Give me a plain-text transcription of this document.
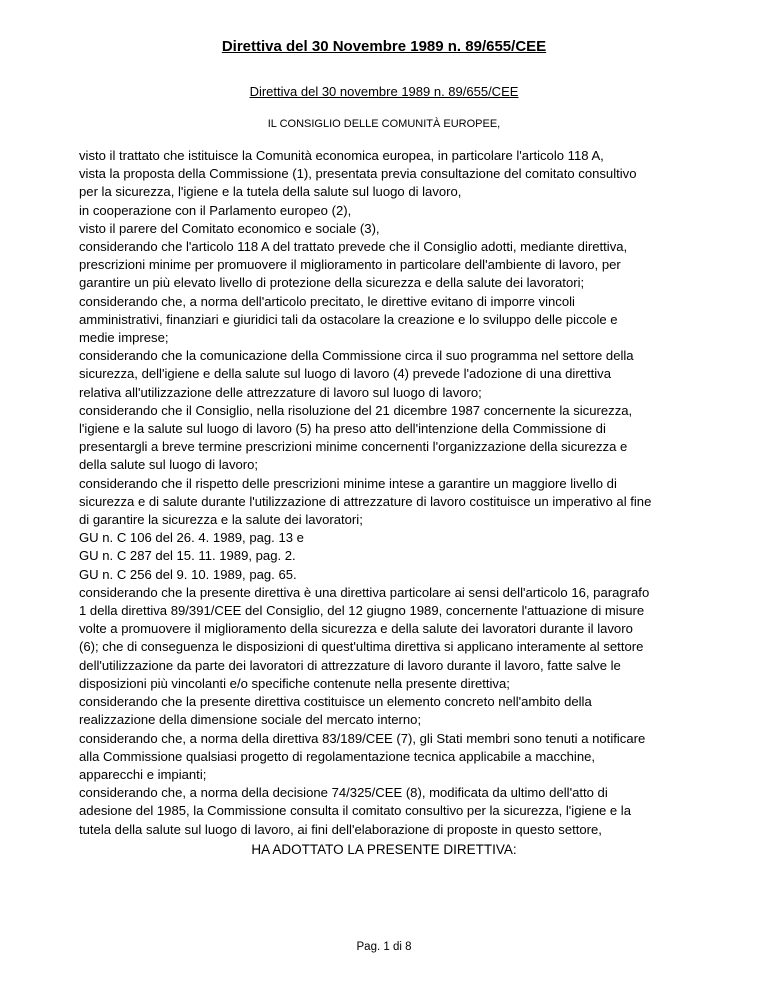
Direttiva del 30 Novembre 1989 n. 89/655/CEE

Direttiva del 30 novembre 1989 n. 89/655/CEE

IL CONSIGLIO DELLE COMUNITÀ EUROPEE,

visto il trattato che istituisce la Comunità economica europea, in particolare l'articolo 118 A,
vista la proposta della Commissione (1), presentata previa consultazione del comitato consultivo
per la sicurezza, l'igiene e la tutela della salute sul luogo di lavoro,
in cooperazione con il Parlamento europeo (2),
visto il parere del Comitato economico e sociale (3),
considerando che l'articolo 118 A del trattato prevede che il Consiglio adotti, mediante direttiva,
prescrizioni minime per promuovere il miglioramento in particolare dell'ambiente di lavoro, per
garantire un più elevato livello di protezione della sicurezza e della salute dei lavoratori;
considerando che, a norma dell'articolo precitato, le direttive evitano di imporre vincoli
amministrativi, finanziari e giuridici tali da ostacolare la creazione e lo sviluppo delle piccole e
medie imprese;
considerando che la comunicazione della Commissione circa il suo programma nel settore della
sicurezza, dell'igiene e della salute sul luogo di lavoro (4) prevede l'adozione di una direttiva
relativa all'utilizzazione delle attrezzature di lavoro sul luogo di lavoro;
considerando che il Consiglio, nella risoluzione del 21 dicembre 1987 concernente la sicurezza,
l'igiene e la salute sul luogo di lavoro (5) ha preso atto dell'intenzione della Commissione di
presentargli a breve termine prescrizioni minime concernenti l'organizzazione della sicurezza e
della salute sul luogo di lavoro;
considerando che il rispetto delle prescrizioni minime intese a garantire un maggiore livello di
sicurezza e di salute durante l'utilizzazione di attrezzature di lavoro costituisce un imperativo al fine
di garantire la sicurezza e la salute dei lavoratori;
GU n. C 106 del 26. 4. 1989, pag. 13 e
GU n. C 287 del 15. 11. 1989, pag. 2.
GU n. C 256 del 9. 10. 1989, pag. 65.
considerando che la presente direttiva è una direttiva particolare ai sensi dell'articolo 16, paragrafo
1 della direttiva 89/391/CEE del Consiglio, del 12 giugno 1989, concernente l'attuazione di misure
volte a promuovere il miglioramento della sicurezza e della salute dei lavoratori durante il lavoro
(6); che di conseguenza le disposizioni di quest'ultima direttiva si applicano interamente al settore
dell'utilizzazione da parte dei lavoratori di attrezzature di lavoro durante il lavoro, fatte salve le
disposizioni più vincolanti e/o specifiche contenute nella presente direttiva;
considerando che la presente direttiva costituisce un elemento concreto nell'ambito della
realizzazione della dimensione sociale del mercato interno;
considerando che, a norma della direttiva 83/189/CEE (7), gli Stati membri sono tenuti a notificare
alla Commissione qualsiasi progetto di regolamentazione tecnica applicabile a macchine,
apparecchi e impianti;
considerando che, a norma della decisione 74/325/CEE (8), modificata da ultimo dell'atto di
adesione del 1985, la Commissione consulta il comitato consultivo per la sicurezza, l'igiene e la
tutela della salute sul luogo di lavoro, ai fini dell'elaborazione di proposte in questo settore,

HA ADOTTATO LA PRESENTE DIRETTIVA:

Pag. 1 di 8
